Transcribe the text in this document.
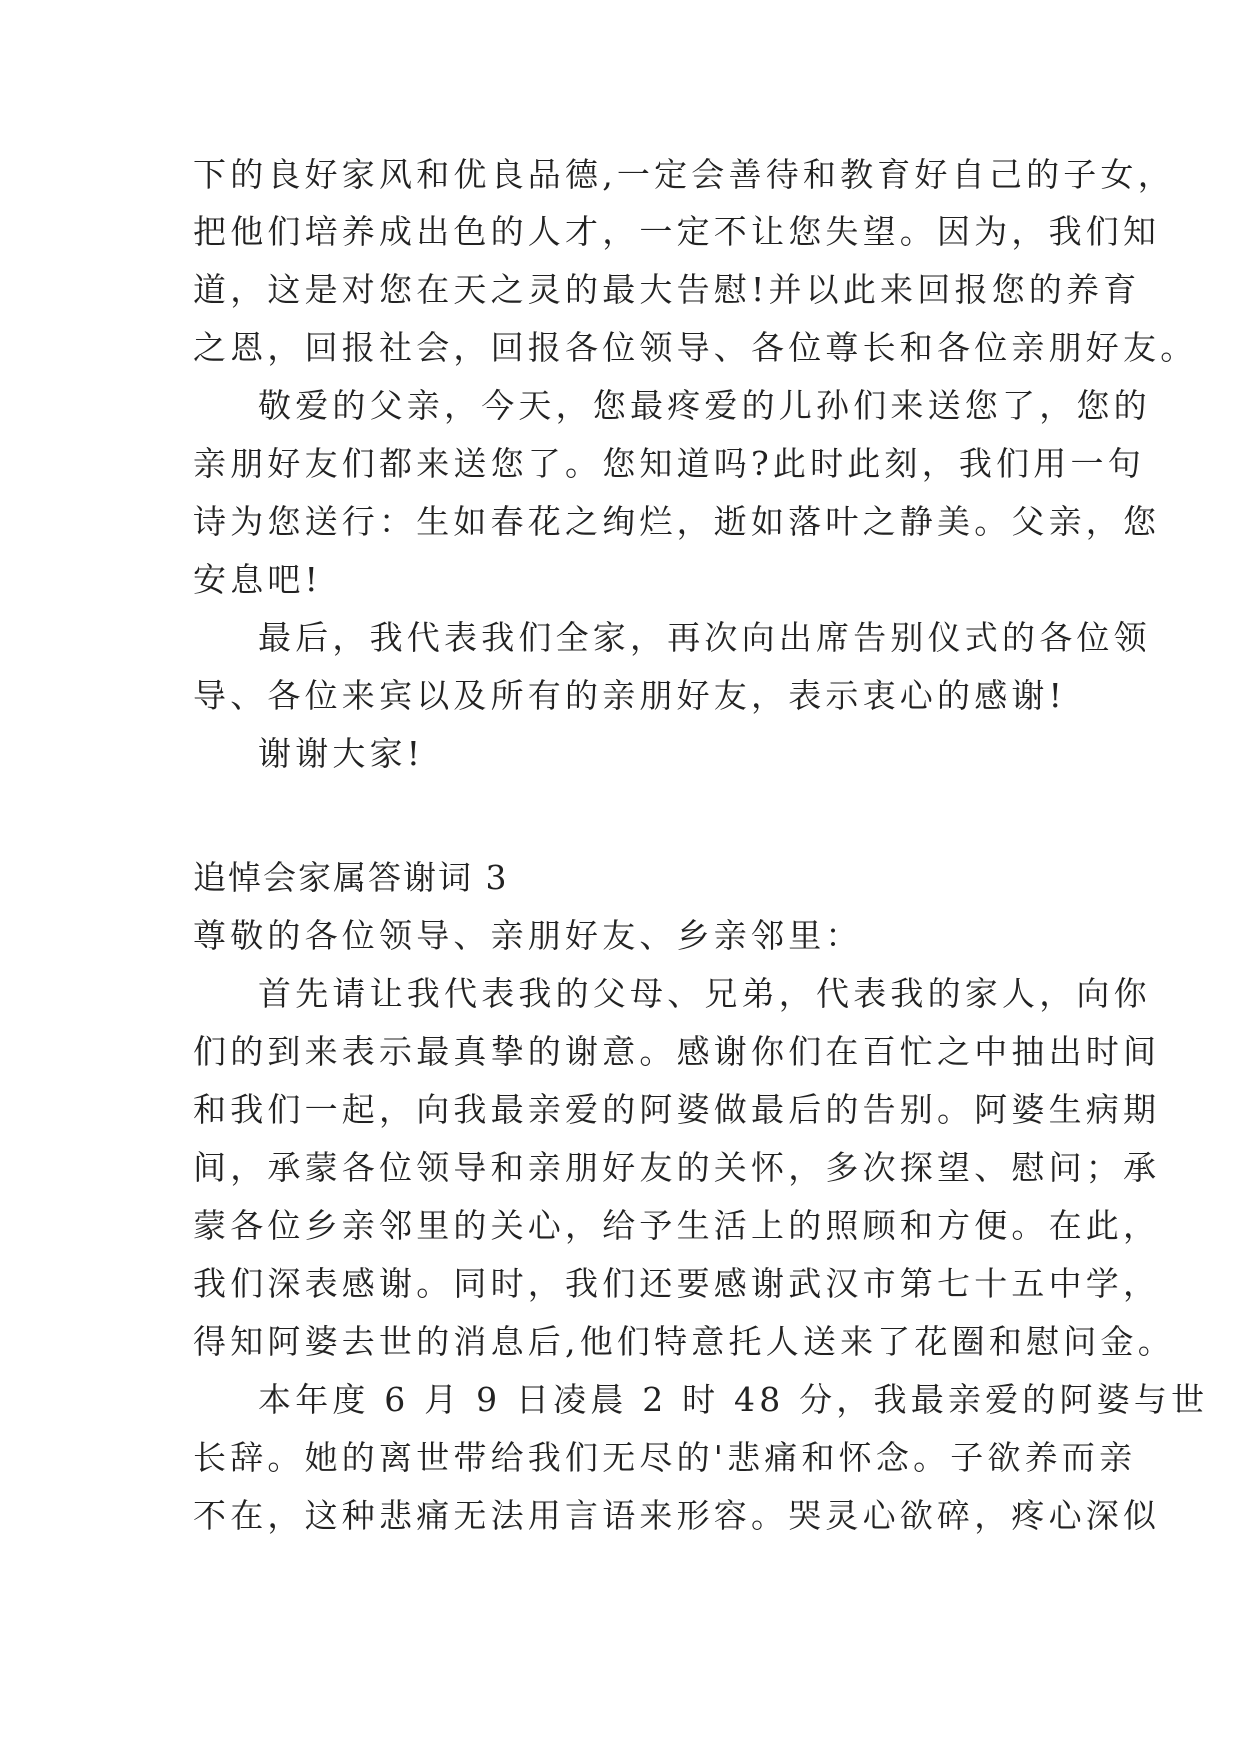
下的良好家风和优良品德,一定会善待和教育好自己的子女，
把他们培养成出色的人才，一定不让您失望。因为，我们知
道，这是对您在天之灵的最大告慰!并以此来回报您的养育
之恩，回报社会，回报各位领导、各位尊长和各位亲朋好友。
敬爱的父亲，今天，您最疼爱的儿孙们来送您了，您的
亲朋好友们都来送您了。您知道吗?此时此刻，我们用一句
诗为您送行：生如春花之绚烂，逝如落叶之静美。父亲，您
安息吧!
最后，我代表我们全家，再次向出席告别仪式的各位领
导、各位来宾以及所有的亲朋好友，表示衷心的感谢!
谢谢大家!
追悼会家属答谢词 3
尊敬的各位领导、亲朋好友、乡亲邻里：
首先请让我代表我的父母、兄弟，代表我的家人，向你
们的到来表示最真挚的谢意。感谢你们在百忙之中抽出时间
和我们一起，向我最亲爱的阿婆做最后的告别。阿婆生病期
间，承蒙各位领导和亲朋好友的关怀，多次探望、慰问；承
蒙各位乡亲邻里的关心，给予生活上的照顾和方便。在此，
我们深表感谢。同时，我们还要感谢武汉市第七十五中学，
得知阿婆去世的消息后,他们特意托人送来了花圈和慰问金。
本年度 6 月 9 日凌晨 2 时 48 分，我最亲爱的阿婆与世
长辞。她的离世带给我们无尽的'悲痛和怀念。子欲养而亲
不在，这种悲痛无法用言语来形容。哭灵心欲碎，疼心深似
